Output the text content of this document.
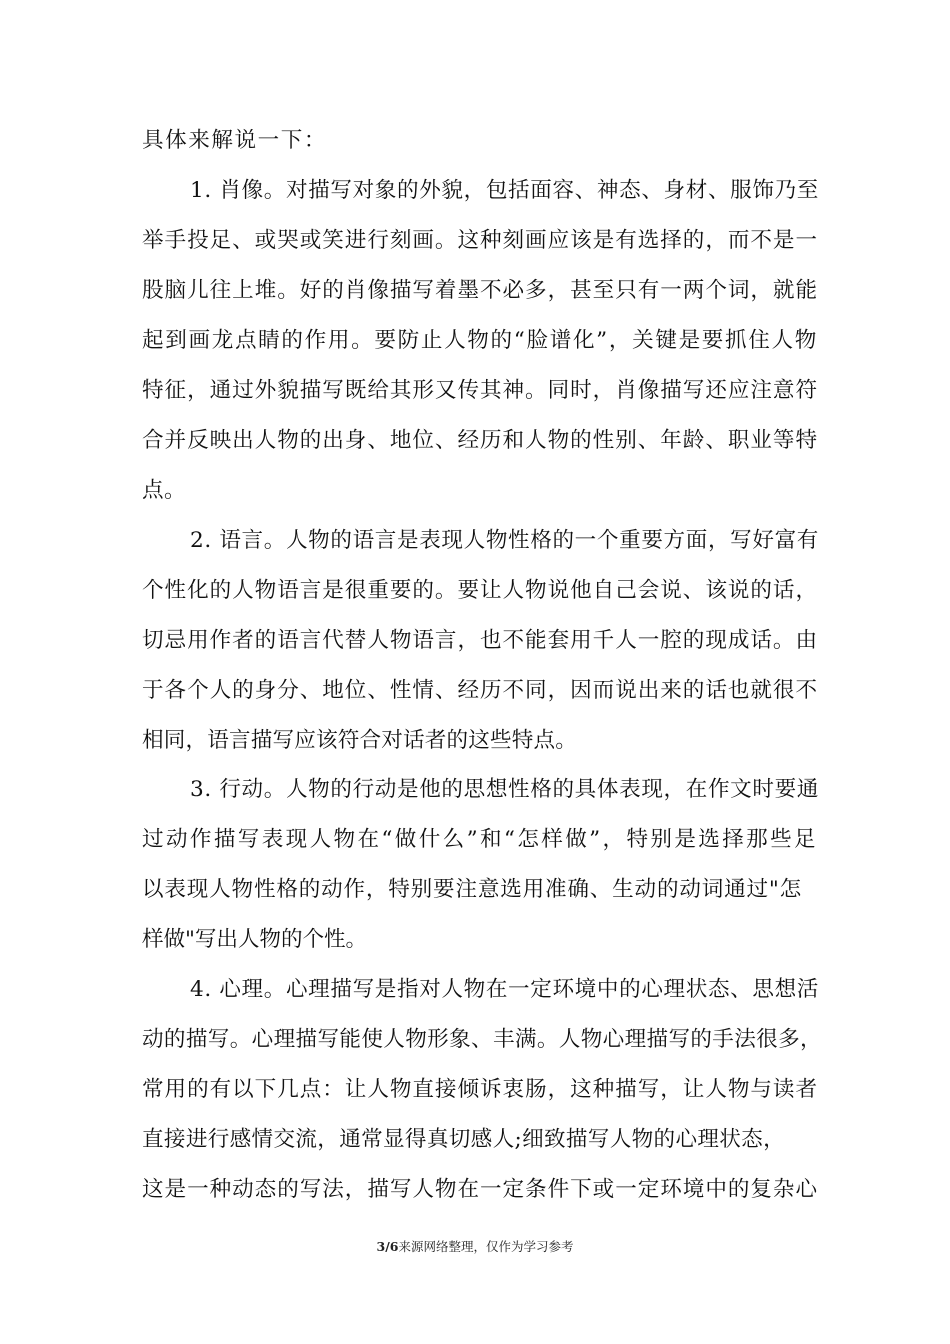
具体来解说一下：
1. 肖像。对描写对象的外貌，包括面容、神态、身材、服饰乃至
举手投足、或哭或笑进行刻画。这种刻画应该是有选择的，而不是一
股脑儿往上堆。好的肖像描写着墨不必多，甚至只有一两个词，就能
起到画龙点睛的作用。要防止人物的“脸谱化”，关键是要抓住人物
特征，通过外貌描写既给其形又传其神。同时，肖像描写还应注意符
合并反映出人物的出身、地位、经历和人物的性别、年龄、职业等特
点。
2. 语言。人物的语言是表现人物性格的一个重要方面，写好富有
个性化的人物语言是很重要的。要让人物说他自己会说、该说的话，
切忌用作者的语言代替人物语言，也不能套用千人一腔的现成话。由
于各个人的身分、地位、性情、经历不同，因而说出来的话也就很不
相同，语言描写应该符合对话者的这些特点。
3. 行动。人物的行动是他的思想性格的具体表现，在作文时要通
过动作描写表现人物在“做什么”和“怎样做”，特别是选择那些足
以表现人物性格的动作，特别要注意选用准确、生动的动词通过"怎
样做"写出人物的个性。
4. 心理。心理描写是指对人物在一定环境中的心理状态、思想活
动的描写。心理描写能使人物形象、丰满。人物心理描写的手法很多，
常用的有以下几点：让人物直接倾诉衷肠，这种描写，让人物与读者
直接进行感情交流，通常显得真切感人;细致描写人物的心理状态，
这是一种动态的写法，描写人物在一定条件下或一定环境中的复杂心
3/6来源网络整理，仅作为学习参考
